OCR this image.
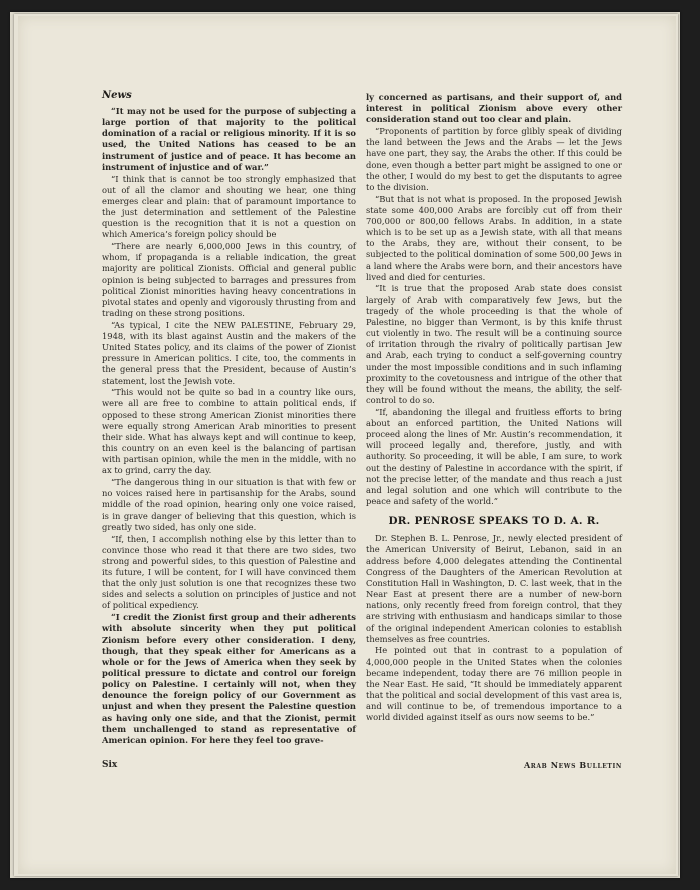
News

“It may not be used for the purpose of subjecting a large portion of that majority to the political domination of a racial or religious minority. If it is so used, the United Nations has ceased to be an instrument of justice and of peace. It has become an instrument of injustice and of war.”

“I think that is cannot be too strongly emphasized that out of all the clamor and shouting we hear, one thing emerges clear and plain: that of paramount importance to the just determination and settlement of the Palestine question is the recognition that it is not a question on which America’s foreign policy should be

“There are nearly 6,000,000 Jews in this country, of whom, if propaganda is a reliable indication, the great majority are political Zionists. Official and general public opinion is being subjected to barrages and pressures from political Zionist minorities having heavy concentrations in pivotal states and openly and vigorously thrusting from and trading on these strong positions.

“As typical, I cite the NEW PALESTINE, February 29, 1948, with its blast against Austin and the makers of the United States policy, and its claims of the power of Zionist pressure in American politics. I cite, too, the comments in the general press that the President, because of Austin’s statement, lost the Jewish vote.

“This would not be quite so bad in a country like ours, were all are free to combine to attain political ends, if opposed to these strong American Zionist minorities there were equally strong American Arab minorities to present their side. What has always kept and will continue to keep, this country on an even keel is the balancing of partisan with partisan opinion, while the men in the middle, with no ax to grind, carry the day.

“The dangerous thing in our situation is that with few or no voices raised here in partisanship for the Arabs, sound middle of the road opinion, hearing only one voice raised, is in grave danger of believing that this question, which is greatly two sided, has only one side.

“If, then, I accomplish nothing else by this letter than to convince those who read it that there are two sides, two strong and powerful sides, to this question of Palestine and its future, I will be content, for I will have convinced them that the only just solution is one that recognizes these two sides and selects a solution on principles of justice and not of political expediency.

“I credit the Zionist first group and their adherents with absolute sincerity when they put political Zionism before every other consideration. I deny, though, that they speak either for Americans as a whole or for the Jews of America when they seek by political pressure to dictate and control our foreign policy on Palestine. I certainly will not, when they denounce the foreign policy of our Government as unjust and when they present the Palestine question as having only one side, and that the Zionist, permit them unchallenged to stand as representative of American opinion. For here they feel too grave-

ly concerned as partisans, and their support of, and interest in political Zionism above every other consideration stand out too clear and plain.

“Proponents of partition by force glibly speak of dividing the land between the Jews and the Arabs — let the Jews have one part, they say, the Arabs the other. If this could be done, even though a better part might be assigned to one or the other, I would do my best to get the disputants to agree to the division.

“But that is not what is proposed. In the proposed Jewish state some 400,000 Arabs are forcibly cut off from their 700,000 or 800,00 fellows Arabs. In addition, in a state which is to be set up as a Jewish state, with all that means to the Arabs, they are, without their consent, to be subjected to the political domination of some 500,00 Jews in a land where the Arabs were born, and their ancestors have lived and died for centuries.

“It is true that the proposed Arab state does consist largely of Arab with comparatively few Jews, but the tragedy of the whole proceeding is that the whole of Palestine, no bigger than Vermont, is by this knife thrust cut violently in two. The result will be a continuing source of irritation through the rivalry of politically partisan Jew and Arab, each trying to conduct a self-governing country under the most impossible conditions and in such inflaming proximity to the covetousness and intrigue of the other that they will be found without the means, the ability, the self-control to do so.

“If, abandoning the illegal and fruitless efforts to bring about an enforced partition, the United Nations will proceed along the lines of Mr. Austin’s recommendation, it will proceed legally and, therefore, justly, and with authority. So proceeding, it will be able, I am sure, to work out the destiny of Palestine in accordance with the spirit, if not the precise letter, of the mandate and thus reach a just and legal solution and one which will contribute to the peace and safety of the world.”

DR. PENROSE SPEAKS TO D. A. R.

Dr. Stephen B. L. Penrose, Jr., newly elected president of the American University of Beirut, Lebanon, said in an address before 4,000 delegates attending the Continental Congress of the Daughters of the American Revolution at Constitution Hall in Washington, D. C. last week, that in the Near East at present there are a number of new-born nations, only recently freed from foreign control, that they are striving with enthusiasm and handicaps similar to those of the original independent American colonies to establish themselves as free countries.

He pointed out that in contrast to a population of 4,000,000 people in the United States when the colonies became independent, today there are 76 million people in the Near East. He said, “It should be immediately apparent that the political and social development of this vast area is, and will continue to be, of tremendous importance to a world divided against itself as ours now seems to be.”

Six	Arab News Bulletin
